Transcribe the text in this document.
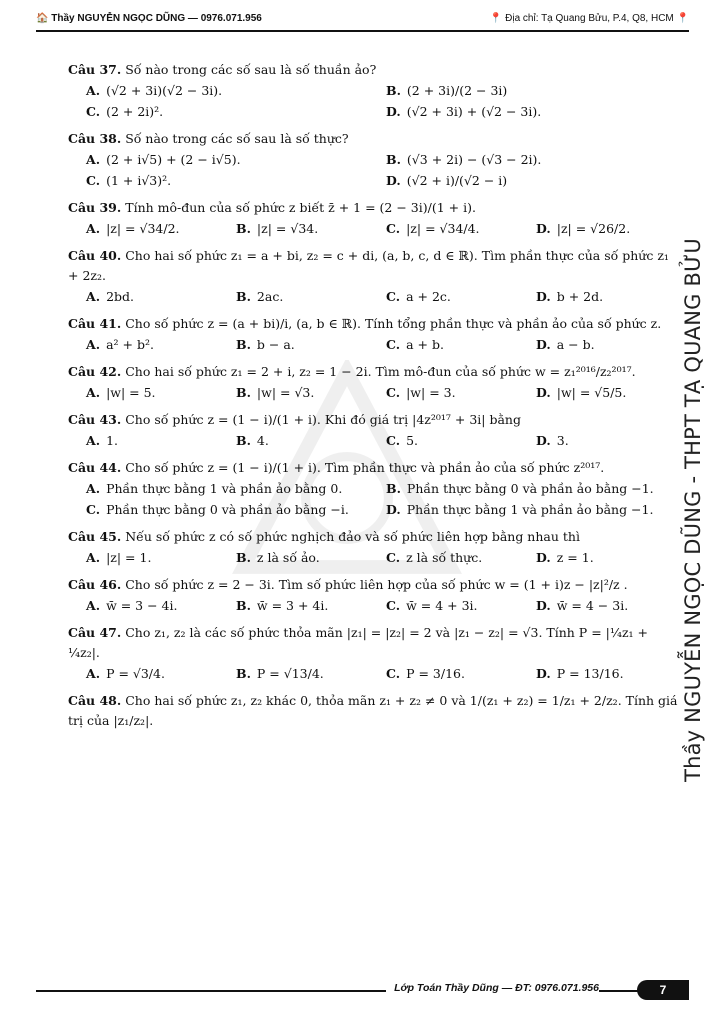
🏠 Thầy NGUYỄN NGỌC DŨNG — 0976.071.956	📍 Địa chỉ: Tạ Quang Bửu, P.4, Q8, HCM 📍
Thầy NGUYỄN NGỌC DŨNG - THPT TẠ QUANG BỬU
Câu 37. Số nào trong các số sau là số thuần ảo?
A. (√2 + 3i)(√2 − 3i).	B. (2 + 3i)/(2 − 3i)
C. (2 + 2i)².	D. (√2 + 3i) + (√2 − 3i).
Câu 38. Số nào trong các số sau là số thực?
A. (2 + i√5) + (2 − i√5).	B. (√3 + 2i) − (√3 − 2i).
C. (1 + i√3)².	D. (√2 + i)/(√2 − i)
Câu 39. Tính mô-đun của số phức z biết z̄ + 1 = (2 − 3i)/(1 + i).
A. |z| = √34/2.	B. |z| = √34.	C. |z| = √34/4.	D. |z| = √26/2.
Câu 40. Cho hai số phức z₁ = a + bi, z₂ = c + di, (a, b, c, d ∈ ℝ). Tìm phần thực của số phức z₁ + 2z₂.
A. 2bd.	B. 2ac.	C. a + 2c.	D. b + 2d.
Câu 41. Cho số phức z = (a + bi)/i, (a, b ∈ ℝ). Tính tổng phần thực và phần ảo của số phức z.
A. a² + b².	B. b − a.	C. a + b.	D. a − b.
Câu 42. Cho hai số phức z₁ = 2 + i, z₂ = 1 − 2i. Tìm mô-đun của số phức w = z₁²⁰¹⁶/z₂²⁰¹⁷.
A. |w| = 5.	B. |w| = √3.	C. |w| = 3.	D. |w| = √5/5.
Câu 43. Cho số phức z = (1 − i)/(1 + i). Khi đó giá trị |4z²⁰¹⁷ + 3i| bằng
A. 1.	B. 4.	C. 5.	D. 3.
Câu 44. Cho số phức z = (1 − i)/(1 + i). Tìm phần thực và phần ảo của số phức z²⁰¹⁷.
A. Phần thực bằng 1 và phần ảo bằng 0.	B. Phần thực bằng 0 và phần ảo bằng −1.
C. Phần thực bằng 0 và phần ảo bằng −i.	D. Phần thực bằng 1 và phần ảo bằng −1.
Câu 45. Nếu số phức z có số phức nghịch đảo và số phức liên hợp bằng nhau thì
A. |z| = 1.	B. z là số ảo.	C. z là số thực.	D. z = 1.
Câu 46. Cho số phức z = 2 − 3i. Tìm số phức liên hợp của số phức w = (1 + i)z − |z|²/z .
A. w̄ = 3 − 4i.	B. w̄ = 3 + 4i.	C. w̄ = 4 + 3i.	D. w̄ = 4 − 3i.
Câu 47. Cho z₁, z₂ là các số phức thỏa mãn |z₁| = |z₂| = 2 và |z₁ − z₂| = √3. Tính P = |¼z₁ + ¼z₂|.
A. P = √3/4.	B. P = √13/4.	C. P = 3/16.	D. P = 13/16.
Câu 48. Cho hai số phức z₁, z₂ khác 0, thỏa mãn z₁ + z₂ ≠ 0 và 1/(z₁ + z₂) = 1/z₁ + 2/z₂. Tính giá trị của |z₁/z₂|.
Lớp Toán Thầy Dũng — ĐT: 0976.071.956	7
